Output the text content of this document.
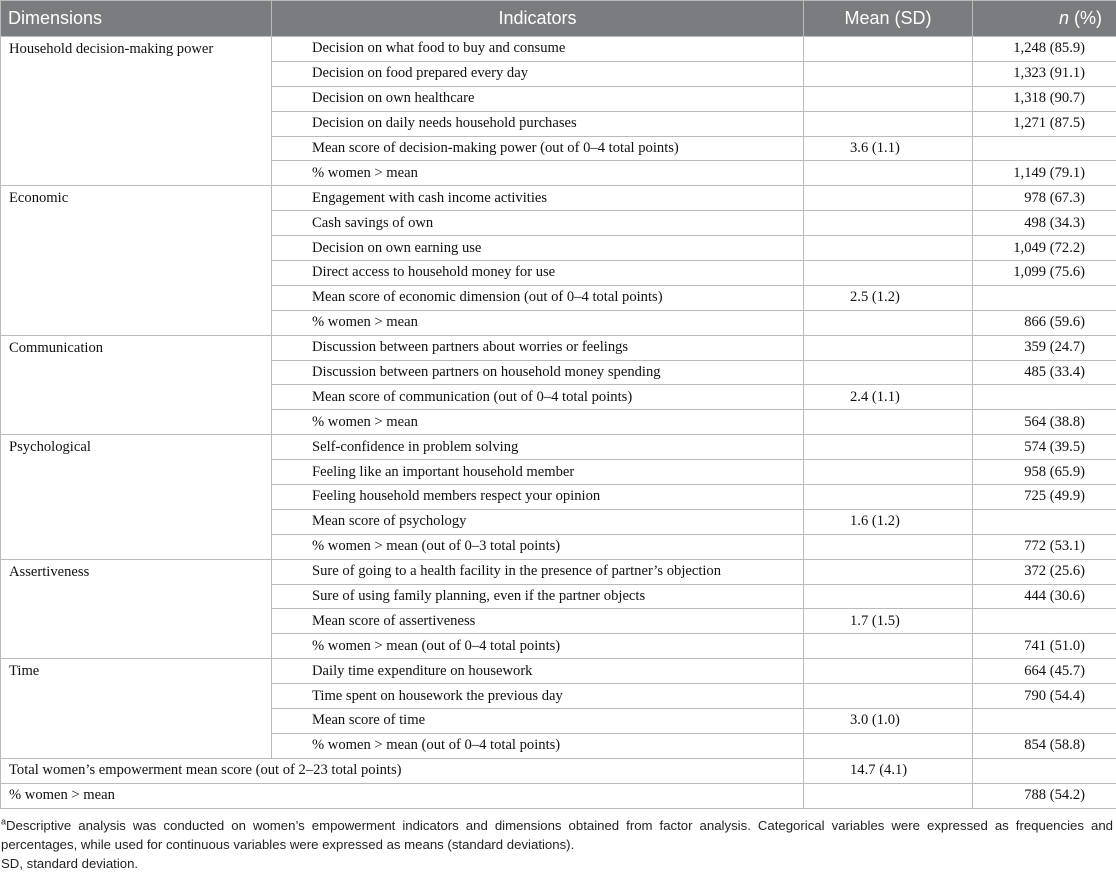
Dimensions	Indicators	Mean (SD)	n (%)
Household decision-making power	Decision on what food to buy and consume		1,248 (85.9)
	Decision on food prepared every day		1,323 (91.1)
	Decision on own healthcare		1,318 (90.7)
	Decision on daily needs household purchases		1,271 (87.5)
	Mean score of decision-making power (out of 0–4 total points)	3.6 (1.1)	
	% women > mean		1,149 (79.1)
Economic	Engagement with cash income activities		978 (67.3)
	Cash savings of own		498 (34.3)
	Decision on own earning use		1,049 (72.2)
	Direct access to household money for use		1,099 (75.6)
	Mean score of economic dimension (out of 0–4 total points)	2.5 (1.2)	
	% women > mean		866 (59.6)
Communication	Discussion between partners about worries or feelings		359 (24.7)
	Discussion between partners on household money spending		485 (33.4)
	Mean score of communication (out of 0–4 total points)	2.4 (1.1)	
	% women > mean		564 (38.8)
Psychological	Self-confidence in problem solving		574 (39.5)
	Feeling like an important household member		958 (65.9)
	Feeling household members respect your opinion		725 (49.9)
	Mean score of psychology	1.6 (1.2)	
	% women > mean (out of 0–3 total points)		772 (53.1)
Assertiveness	Sure of going to a health facility in the presence of partner’s objection		372 (25.6)
	Sure of using family planning, even if the partner objects		444 (30.6)
	Mean score of assertiveness	1.7 (1.5)	
	% women > mean (out of 0–4 total points)		741 (51.0)
Time	Daily time expenditure on housework		664 (45.7)
	Time spent on housework the previous day		790 (54.4)
	Mean score of time	3.0 (1.0)	
	% women > mean (out of 0–4 total points)		854 (58.8)
Total women’s empowerment mean score (out of 2–23 total points)		14.7 (4.1)	
% women > mean			788 (54.2)
$^a$Descriptive analysis was conducted on women’s empowerment indicators and dimensions obtained from factor analysis. Categorical variables were expressed as frequencies and percentages, while used for continuous variables were expressed as means (standard deviations).
SD, standard deviation.
